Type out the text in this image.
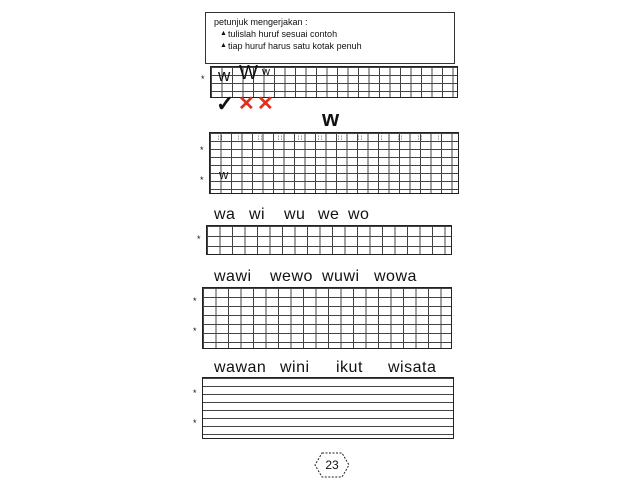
petunjuk mengerjakan :
▲ tulislah huruf sesuai contoh
▲ tiap huruf harus satu kotak penuh
* w W w
✓ ✕ ✕
w
*
*
⁞ ⁞	⁞ ⁞	⁞ ⁞	⁞ ⁞	⁞ ⁞	⁞ ⁞	⁞ ⁞	⁞ ⁞	⁞ ⁞	⁞ ⁞	⁞ ⁞	⁞ ⁞
w
wa wi wu we wo
*
wawi wewo wuwi wowa
*
*
wawan wini ikut wisata
*
*
23
